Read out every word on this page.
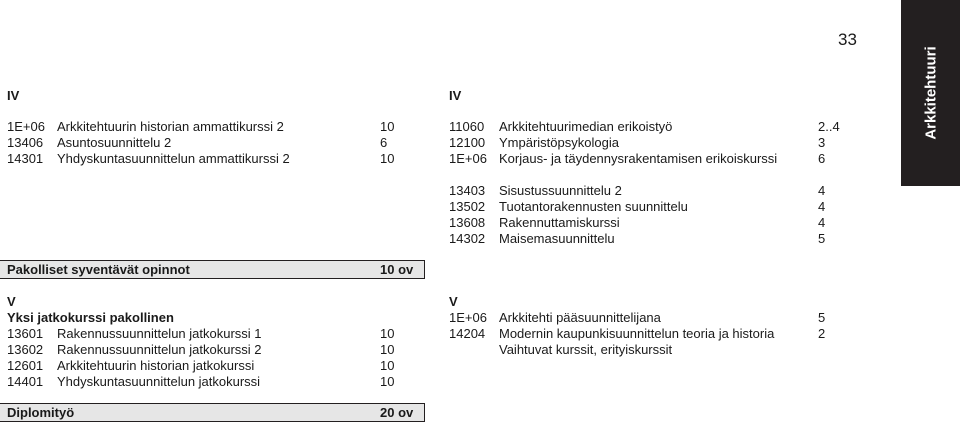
33
Arkkitehtuuri
IV
1E+06 Arkkitehtuurin historian ammattikurssi 2	10
13406 Asuntosuunnittelu 2	6
14301 Yhdyskuntasuunnittelun ammattikurssi 2	10
Pakolliset syventävät opinnot	10 ov
V
Yksi jatkokurssi pakollinen
13601 Rakennussuunnittelun jatkokurssi 1	10
13602 Rakennussuunnittelun jatkokurssi 2	10
12601 Arkkitehtuurin historian jatkokurssi	10
14401 Yhdyskuntasuunnittelun jatkokurssi	10
Diplomityö	20 ov
IV
11060 Arkkitehtuurimedian erikoistyö	2..4
12100 Ympäristöpsykologia	3
1E+06 Korjaus- ja täydennysrakentamisen erikoiskurssi	6
13403 Sisustussuunnittelu 2	4
13502 Tuotantorakennusten suunnittelu	4
13608 Rakennuttamiskurssi	4
14302 Maisemasuunnittelu	5
V
1E+06 Arkkitehti pääsuunnittelijana	5
14204 Modernin kaupunkisuunnittelun teoria ja historia	2
Vaihtuvat kurssit, erityiskurssit
